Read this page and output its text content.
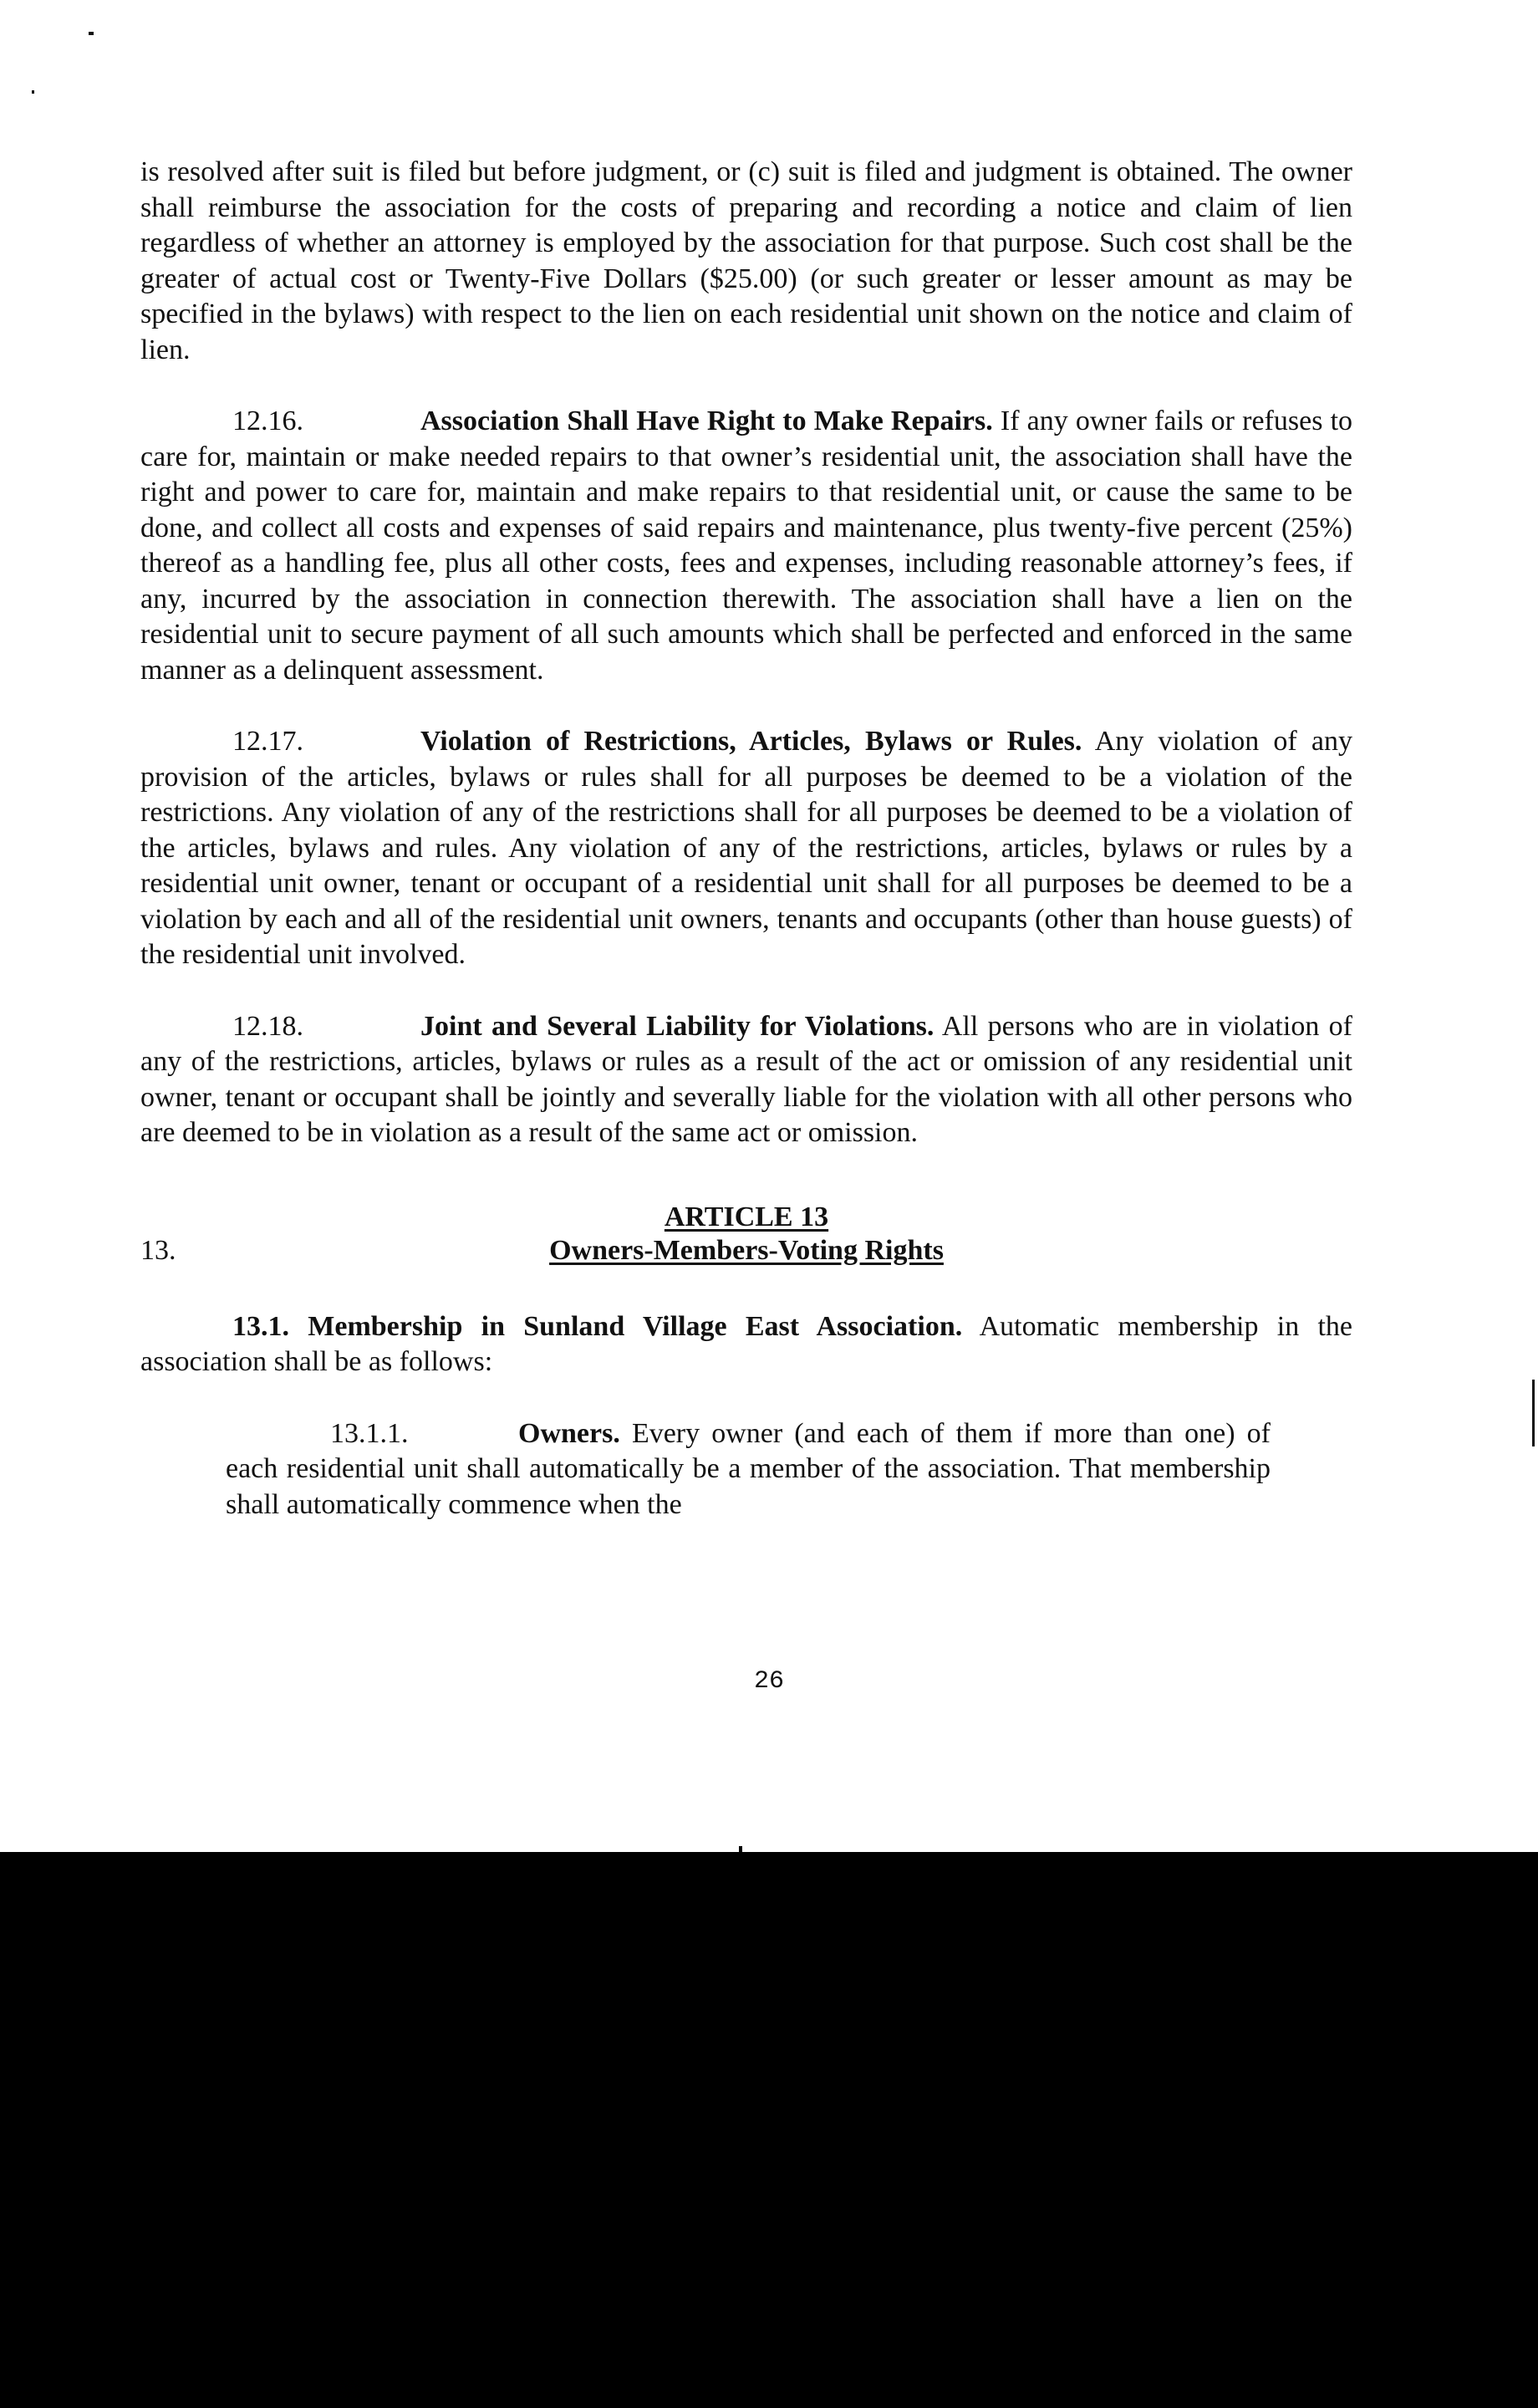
is resolved after suit is filed but before judgment, or (c) suit is filed and judgment is obtained. The owner shall reimburse the association for the costs of preparing and recording a notice and claim of lien regardless of whether an attorney is employed by the association for that purpose. Such cost shall be the greater of actual cost or Twenty-Five Dollars ($25.00) (or such greater or lesser amount as may be specified in the bylaws) with respect to the lien on each residential unit shown on the notice and claim of lien.

12.16.	Association Shall Have Right to Make Repairs. If any owner fails or refuses to care for, maintain or make needed repairs to that owner’s residential unit, the association shall have the right and power to care for, maintain and make repairs to that residential unit, or cause the same to be done, and collect all costs and expenses of said repairs and maintenance, plus twenty-five percent (25%) thereof as a handling fee, plus all other costs, fees and expenses, including reasonable attorney’s fees, if any, incurred by the association in connection therewith. The association shall have a lien on the residential unit to secure payment of all such amounts which shall be perfected and enforced in the same manner as a delinquent assessment.

12.17.	Violation of Restrictions, Articles, Bylaws or Rules. Any violation of any provision of the articles, bylaws or rules shall for all purposes be deemed to be a violation of the restrictions. Any violation of any of the restrictions shall for all purposes be deemed to be a violation of the articles, bylaws and rules. Any violation of any of the restrictions, articles, bylaws or rules by a residential unit owner, tenant or occupant of a residential unit shall for all purposes be deemed to be a violation by each and all of the residential unit owners, tenants and occupants (other than house guests) of the residential unit involved.

12.18.	Joint and Several Liability for Violations. All persons who are in violation of any of the restrictions, articles, bylaws or rules as a result of the act or omission of any residential unit owner, tenant or occupant shall be jointly and severally liable for the violation with all other persons who are deemed to be in violation as a result of the same act or omission.

13.
ARTICLE 13
Owners-Members-Voting Rights

13.1. Membership in Sunland Village East Association. Automatic membership in the association shall be as follows:

13.1.1.	Owners. Every owner (and each of them if more than one) of each residential unit shall automatically be a member of the association. That membership shall automatically commence when the

26
